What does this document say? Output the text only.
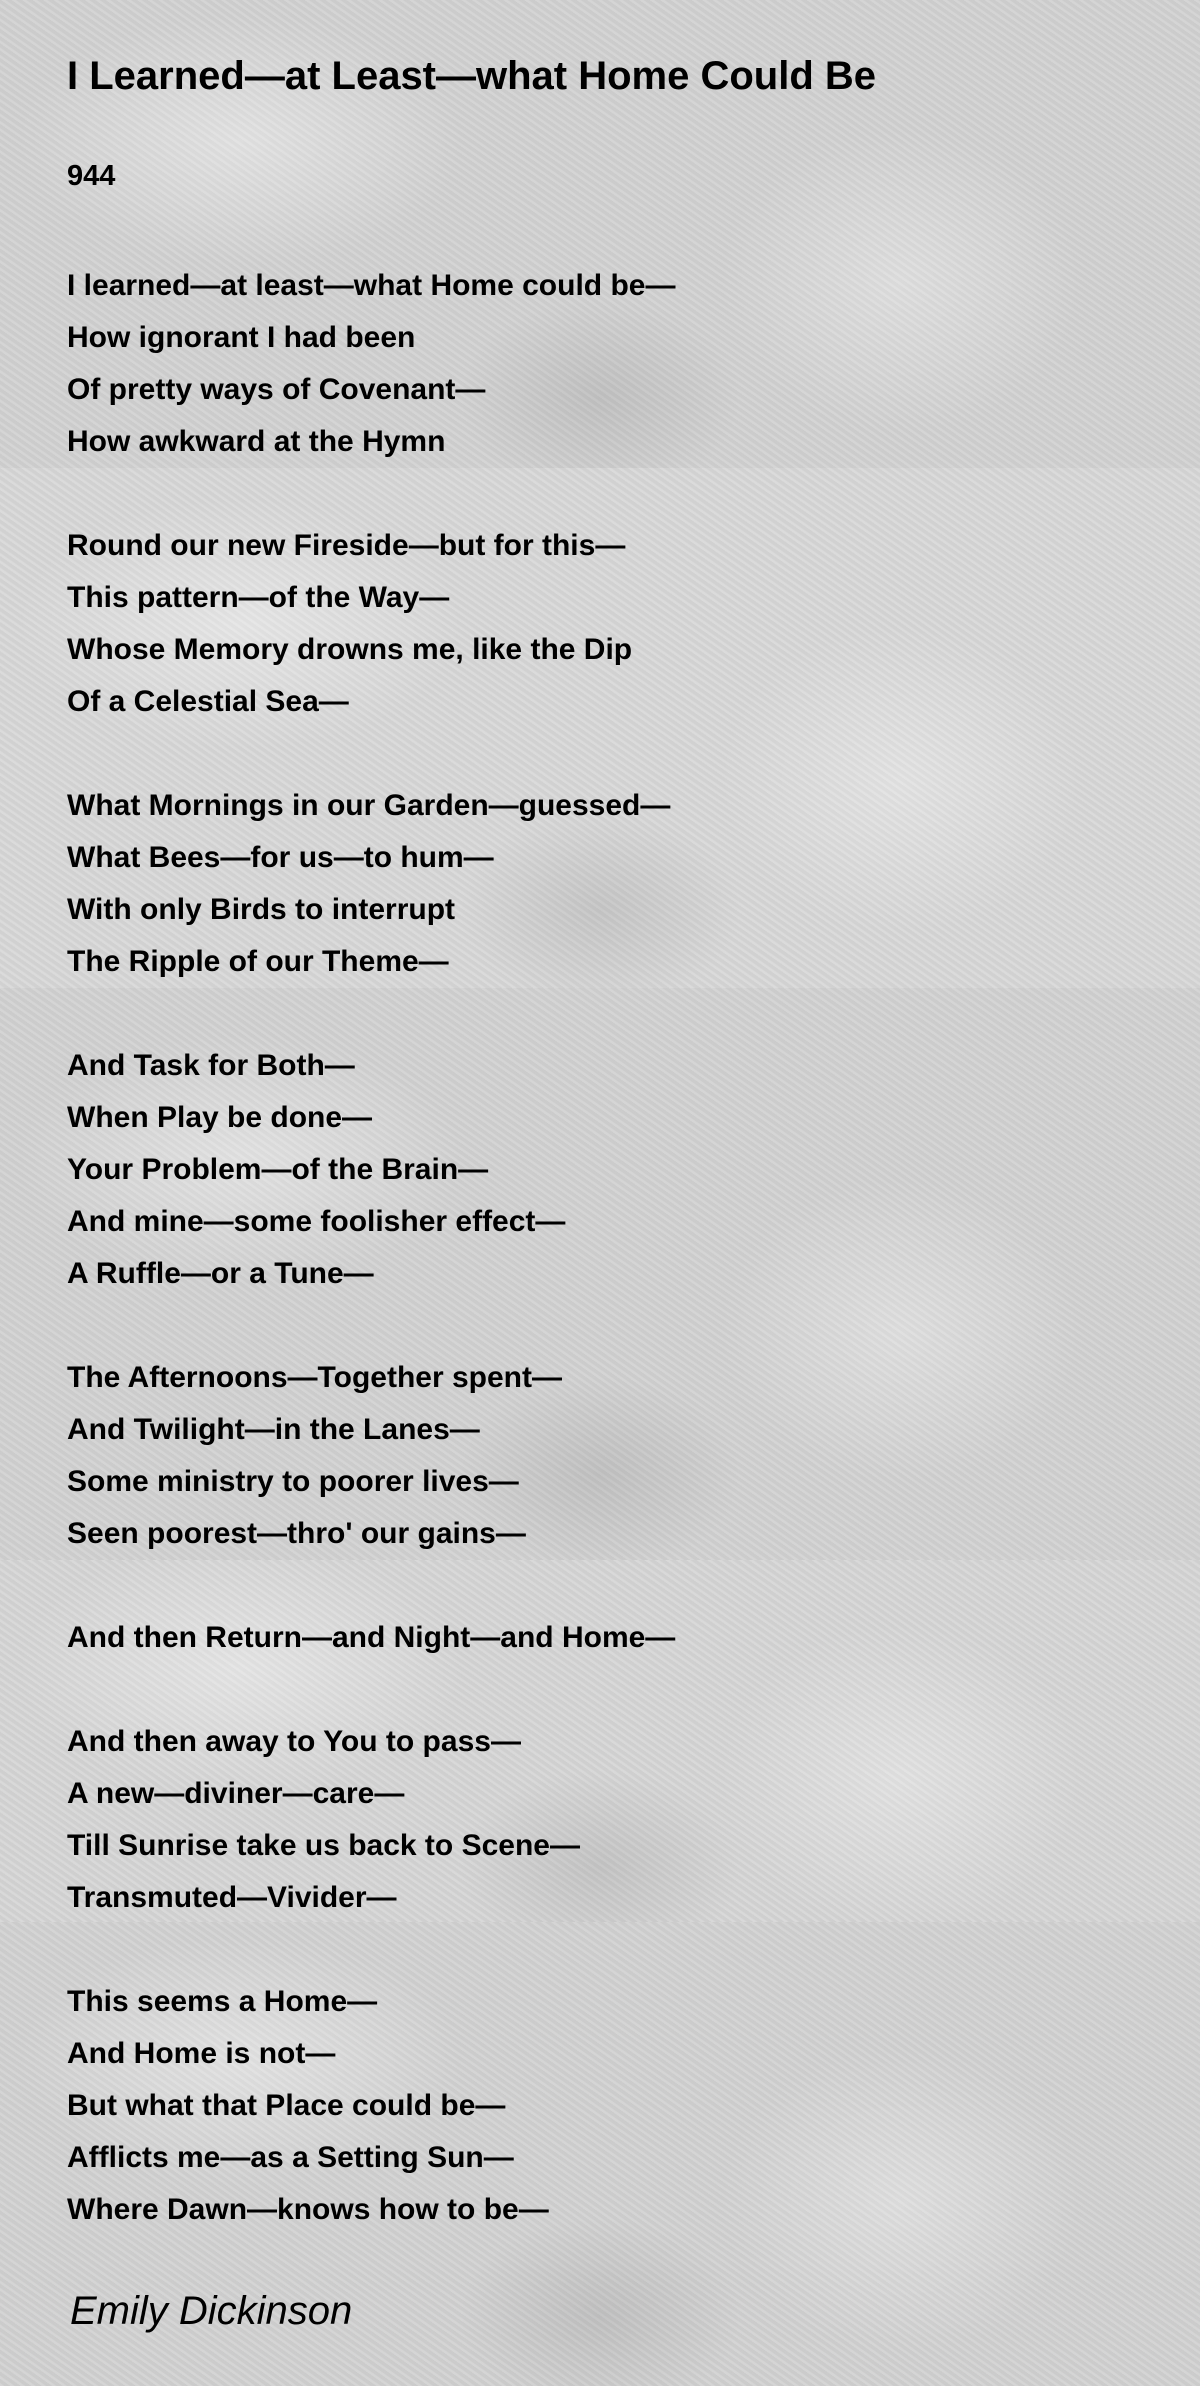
I Learned—at Least—what Home Could Be
944
I learned—at least—what Home could be—
How ignorant I had been
Of pretty ways of Covenant—
How awkward at the Hymn
Round our new Fireside—but for this—
This pattern—of the Way—
Whose Memory drowns me, like the Dip
Of a Celestial Sea—
What Mornings in our Garden—guessed—
What Bees—for us—to hum—
With only Birds to interrupt
The Ripple of our Theme—
And Task for Both—
When Play be done—
Your Problem—of the Brain—
And mine—some foolisher effect—
A Ruffle—or a Tune—
The Afternoons—Together spent—
And Twilight—in the Lanes—
Some ministry to poorer lives—
Seen poorest—thro' our gains—
And then Return—and Night—and Home—
And then away to You to pass—
A new—diviner—care—
Till Sunrise take us back to Scene—
Transmuted—Vivider—
This seems a Home—
And Home is not—
But what that Place could be—
Afflicts me—as a Setting Sun—
Where Dawn—knows how to be—
Emily Dickinson
